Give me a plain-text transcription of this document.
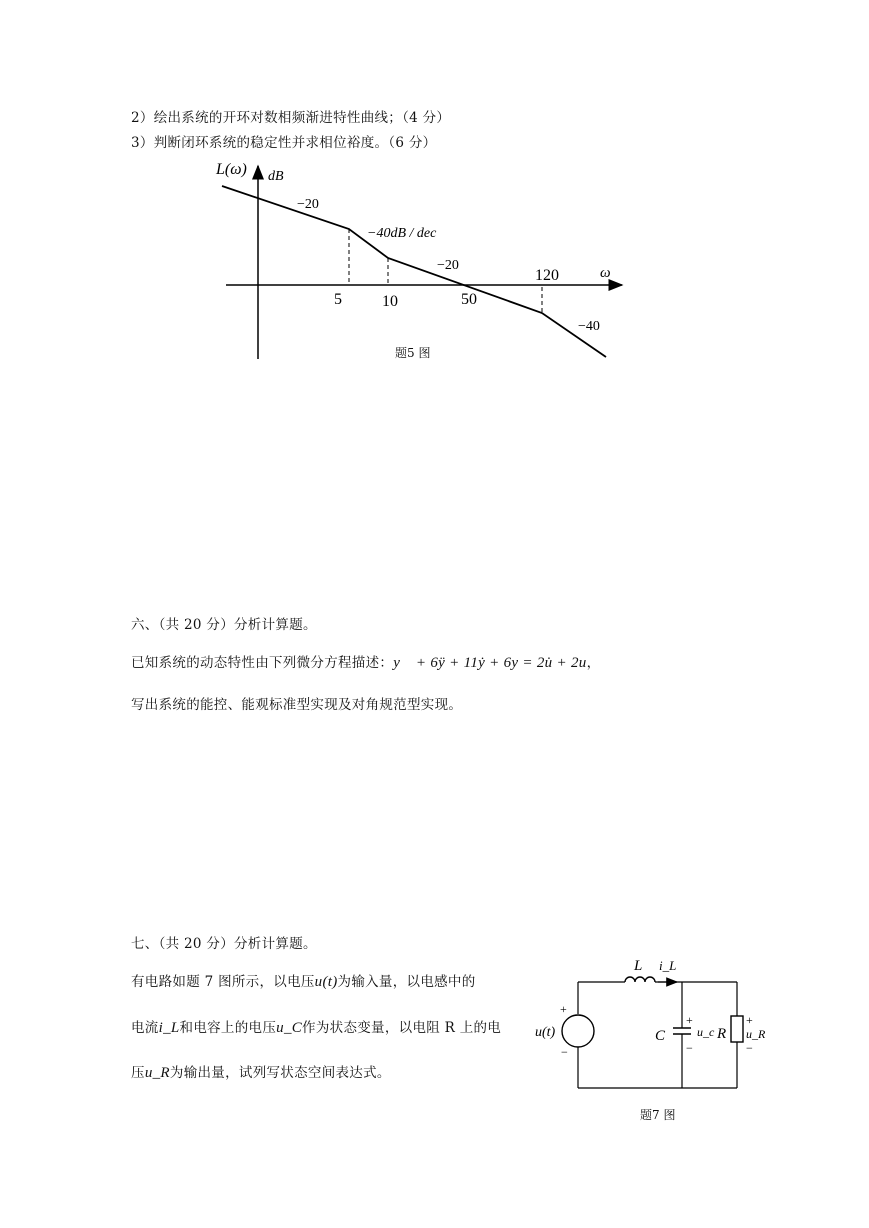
2）绘出系统的开环对数相频渐进特性曲线；（4 分）
3）判断闭环系统的稳定性并求相位裕度。（6 分）
L(ω) dB
ω
−20
−40dB / dec
−20
−40
5	10	50
120
题5 图
六、（共 20 分）分析计算题。
已知系统的动态特性由下列微分方程描述：y⃛ + 6ÿ + 11ẏ + 6y = 2u̇ + 2u，
写出系统的能控、能观标准型实现及对角规范型实现。
七、（共 20 分）分析计算题。
有电路如题 7 图所示，以电压u(t)为输入量，以电感中的
电流i_L和电容上的电压u_C作为状态变量，以电阻 R 上的电
压u_R为输出量，试列写状态空间表达式。
L i_L
u(t)	C	u_c R u_R
+
−
+
−
+
−
题7 图
